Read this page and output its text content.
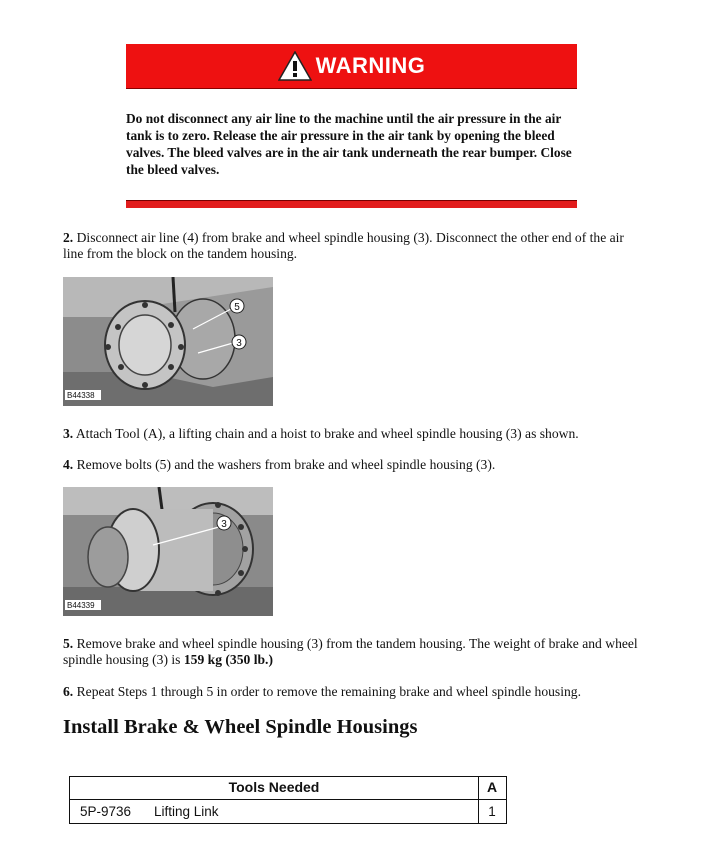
WARNING

Do not disconnect any air line to the machine until the air pressure in the air tank is to zero. Release the air pressure in the air tank by opening the bleed valves. The bleed valves are in the air tank underneath the rear bumper. Close the bleed valves.

2. Disconnect air line (4) from brake and wheel spindle housing (3). Disconnect the other end of the air line from the block on the tandem housing.

5
3
B44338

3. Attach Tool (A), a lifting chain and a hoist to brake and wheel spindle housing (3) as shown.

4. Remove bolts (5) and the washers from brake and wheel spindle housing (3).

3
B44339

5. Remove brake and wheel spindle housing (3) from the tandem housing. The weight of brake and wheel spindle housing (3) is 159 kg (350 lb.)

6. Repeat Steps 1 through 5 in order to remove the remaining brake and wheel spindle housing.

Install Brake & Wheel Spindle Housings
Tools Needed	A
5P-9736 Lifting Link	1
